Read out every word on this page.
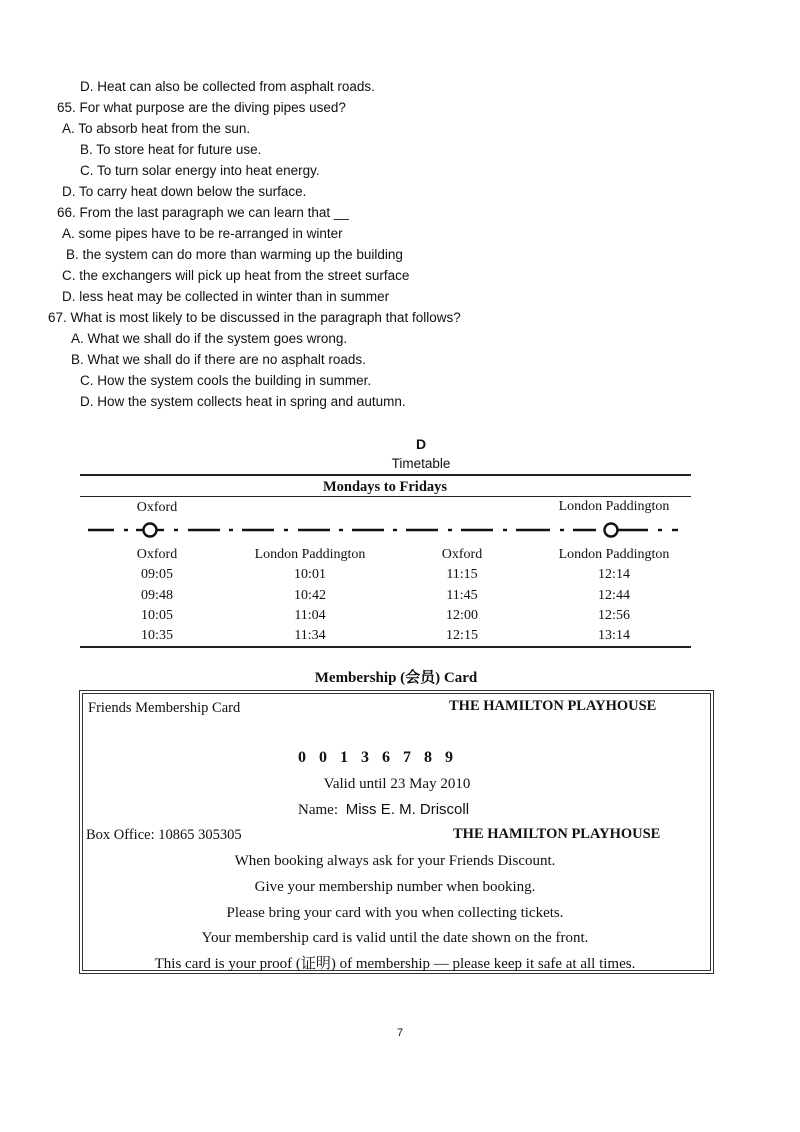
D. Heat can also be collected from asphalt roads.
65. For what purpose are the diving pipes used?
A. To absorb heat from the sun.
B. To store heat for future use.
C. To turn solar energy into heat energy.
D. To carry heat down below the surface.
66. From the last paragraph we can learn that __
A. some pipes have to be re-arranged in winter
B. the system can do more than warming up the building
C. the exchangers will pick up heat from the street surface
D. less heat may be collected in winter than in summer
67. What is most likely to be discussed in the paragraph that follows?
A. What we shall do if the system goes wrong.
B. What we shall do if there are no asphalt roads.
C. How the system cools the building in summer.
D. How the system collects heat in spring and autumn.
D
Timetable
Mondays to Fridays
Oxford	London Paddington
Oxford	London Paddington	Oxford	London Paddington
09:05	10:01	11:15	12:14
09:48	10:42	11:45	12:44
10:05	11:04	12:00	12:56
10:35	11:34	12:15	13:14
Membership (会员) Card
Friends Membership Card	THE HAMILTON PLAYHOUSE
00136789
Valid until 23 May 2010
Name: Miss E. M. Driscoll
Box Office: 10865 305305	THE HAMILTON PLAYHOUSE
When booking always ask for your Friends Discount.
Give your membership number when booking.
Please bring your card with you when collecting tickets.
Your membership card is valid until the date shown on the front.
This card is your proof (证明) of membership — please keep it safe at all times.
7
